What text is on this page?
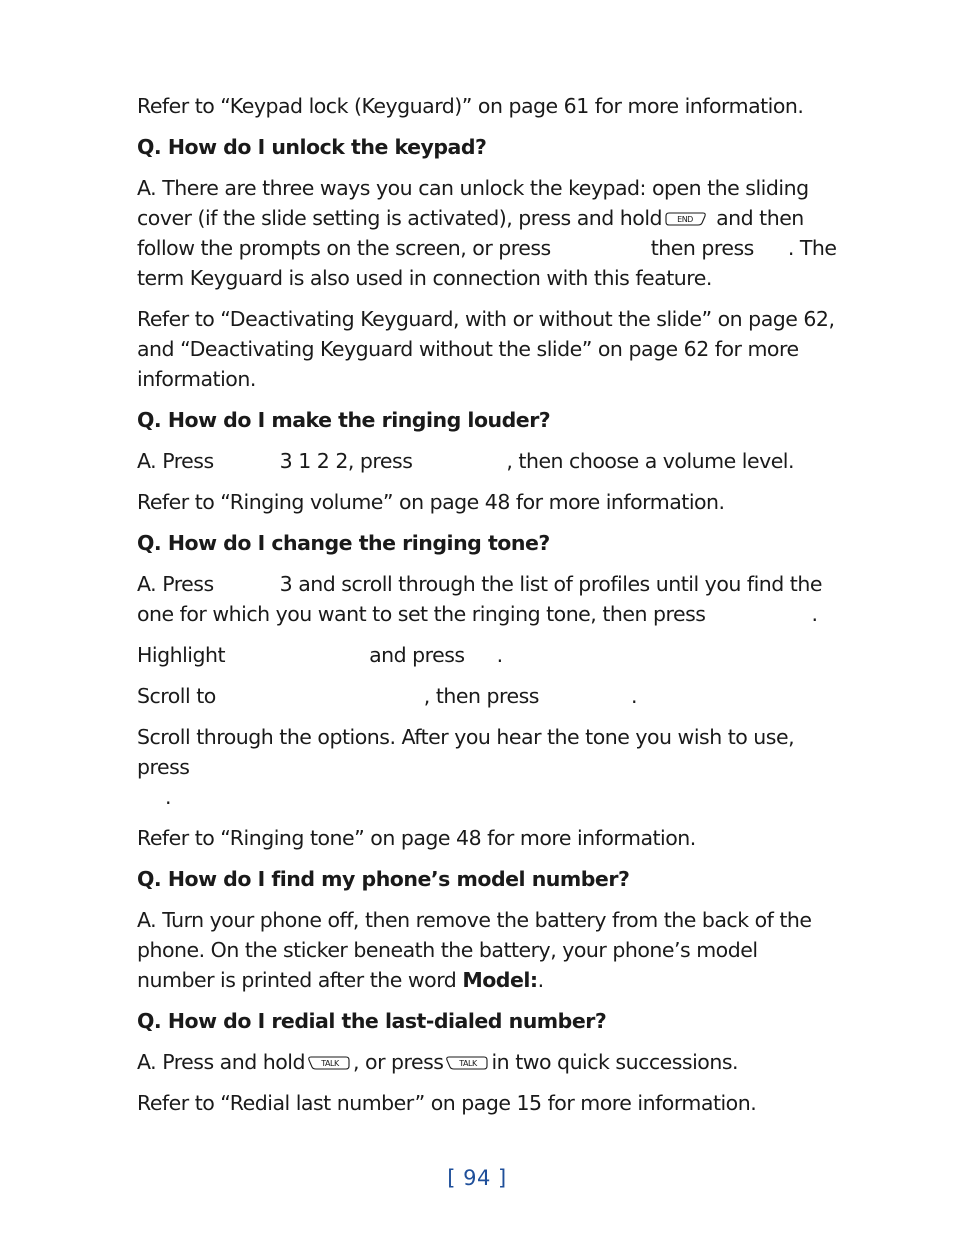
Refer to “Keypad lock (Keyguard)” on page 61 for more information.

Q. How do I unlock the keypad?

A. There are three ways you can unlock the keypad: open the sliding cover (if the slide setting is activated), press and hold END and then follow the prompts on the screen, or press	then press . The term Keyguard is also used in connection with this feature.

Refer to “Deactivating Keyguard, with or without the slide” on page 62, and “Deactivating Keyguard without the slide” on page 62 for more information.

Q. How do I make the ringing louder?

A. Press	3 1 2 2, press	, then choose a volume level.

Refer to “Ringing volume” on page 48 for more information.

Q. How do I change the ringing tone?

A. Press	3 and scroll through the list of profiles until you find the one for which you want to set the ringing tone, then press	.

Highlight	and press .

Scroll to	, then press	.

Scroll through the options. After you hear the tone you wish to use, press
.

Refer to “Ringing tone” on page 48 for more information.

Q. How do I find my phone’s model number?

A. Turn your phone off, then remove the battery from the back of the phone. On the sticker beneath the battery, your phone’s model number is printed after the word Model:.

Q. How do I redial the last-dialed number?

A. Press and hold TALK , or press TALK in two quick successions.

Refer to “Redial last number” on page 15 for more information.

[ 94 ]
